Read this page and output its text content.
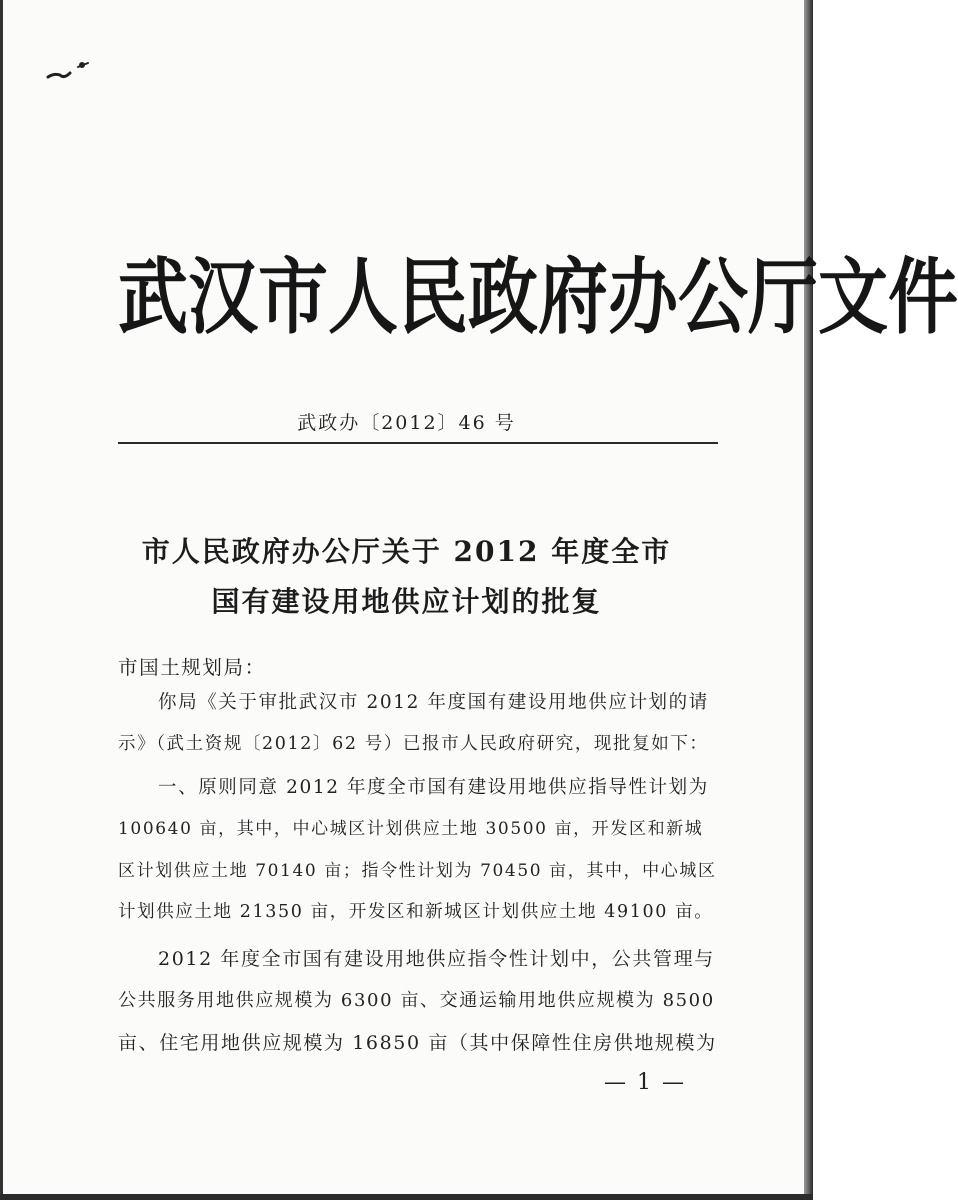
武 汉 市 人 民 政 府 办 公 厅 文 件
武政办〔2012〕46 号
市人民政府办公厅关于 2012 年度全市
国有建设用地供应计划的批复
市国土规划局：
你局《关于审批武汉市 2012 年度国有建设用地供应计划的请
示》（武土资规〔2012〕62 号）已报市人民政府研究，现批复如下：
一、原则同意 2012 年度全市国有建设用地供应指导性计划为
100640 亩，其中，中心城区计划供应土地 30500 亩，开发区和新城
区计划供应土地 70140 亩；指令性计划为 70450 亩，其中，中心城区
计划供应土地 21350 亩，开发区和新城区计划供应土地 49100 亩。
2012 年度全市国有建设用地供应指令性计划中，公共管理与
公共服务用地供应规模为 6300 亩、交通运输用地供应规模为 8500
亩、住宅用地供应规模为 16850 亩（其中保障性住房供地规模为
— 1 —
